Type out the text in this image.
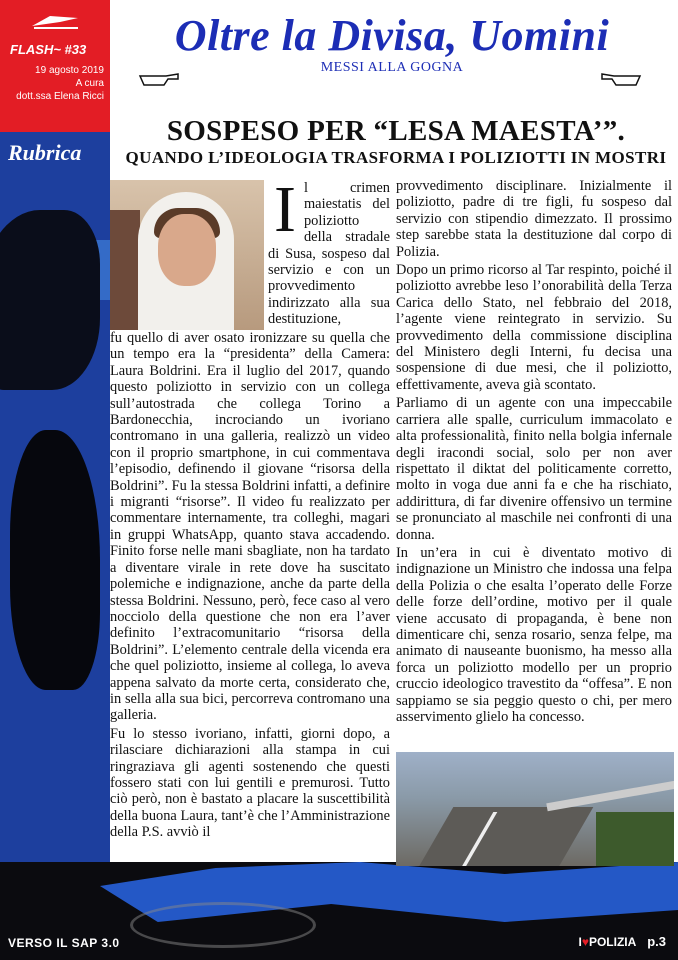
FLASH~ #33
19 agosto 2019
A cura
dott.ssa Elena Ricci
Oltre la Divisa, Uomini
MESSI ALLA GOGNA
Rubrica
SOSPESO PER “LESA MAESTA’”.
QUANDO L’IDEOLOGIA TRASFORMA I POLIZIOTTI IN MOSTRI
Il crimen maiestatis del poliziotto della stradale di Susa, sospeso dal servizio e con un provvedimento indirizzato alla sua destituzione,

fu quello di aver osato ironizzare su quella che un tempo era la “presidenta” della Camera: Laura Boldrini. Era il luglio del 2017, quando questo poliziotto in servizio con un collega sull’autostrada che collega Torino a Bardonecchia, incrociando un ivoriano contromano in una galleria, realizzò un video con il proprio smartphone, in cui commentava l’episodio, definendo il giovane “risorsa della Boldrini”. Fu la stessa Boldrini infatti, a definire i migranti “risorse”. Il video fu realizzato per commentare internamente, tra colleghi, magari in gruppi WhatsApp, quanto stava accadendo. Finito forse nelle mani sbagliate, non ha tardato a diventare virale in rete dove ha suscitato polemiche e indignazione, anche da parte della stessa Boldrini. Nessuno, però, fece caso al vero nocciolo della questione che non era l’aver definito l’extracomunitario “risorsa della Boldrini”. L’elemento centrale della vicenda era che quel poliziotto, insieme al collega, lo aveva appena salvato da morte certa, considerato che, in sella alla sua bici, percorreva contromano una galleria.

Fu lo stesso ivoriano, infatti, giorni dopo, a rilasciare dichiarazioni alla stampa in cui ringraziava gli agenti sostenendo che questi fossero stati con lui gentili e premurosi. Tutto ciò però, non è bastato a placare la suscettibilità della buona Laura, tant’è che l’Amministrazione della P.S. avviò il

provvedimento disciplinare. Inizialmente il poliziotto, padre di tre figli, fu sospeso dal servizio con stipendio dimezzato. Il prossimo step sarebbe stata la destituzione dal corpo di Polizia.

Dopo un primo ricorso al Tar respinto, poiché il poliziotto avrebbe leso l’onorabilità della Terza Carica dello Stato, nel febbraio del 2018, l’agente viene reintegrato in servizio. Su provvedimento della commissione disciplina del Ministero degli Interni, fu decisa una sospensione di due mesi, che il poliziotto, effettivamente, aveva già scontato.

Parliamo di un agente con una impeccabile carriera alle spalle, curriculum immacolato e alta professionalità, finito nella bolgia infernale degli iracondi social, solo per non aver rispettato il diktat del politicamente corretto, molto in voga due anni fa e che ha rischiato, addirittura, di far divenire offensivo un termine se pronunciato al maschile nei confronti di una donna.

In un’era in cui è diventato motivo di indignazione un Ministro che indossa una felpa della Polizia o che esalta l’operato delle Forze delle forze dell’ordine, motivo per il quale viene accusato di propaganda, è bene non dimenticare chi, senza rosario, senza felpe, ma animato di nauseante buonismo, ha messo alla forca un poliziotto modello per un proprio cruccio ideologico travestito da “offesa”. E non sappiamo se sia peggio questo o chi, per mero asservimento glielo ha concesso.

VERSO IL SAP 3.0	I♥POLIZIA p.3
